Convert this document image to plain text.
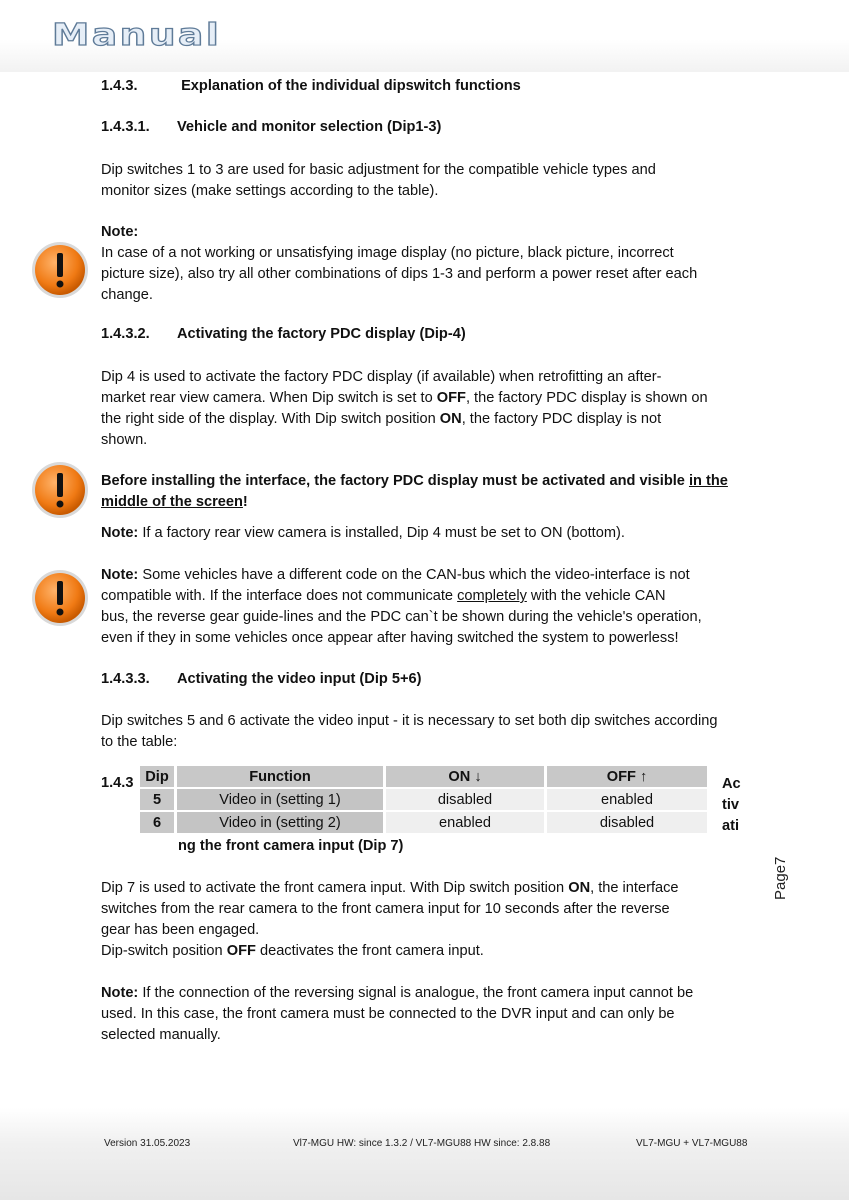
Manual
1.4.3.	Explanation of the individual dipswitch functions
1.4.3.1. Vehicle and monitor selection (Dip1-3)
Dip switches 1 to 3 are used for basic adjustment for the compatible vehicle types and
monitor sizes (make settings according to the table).
Note:
In case of a not working or unsatisfying image display (no picture, black picture, incorrect
picture size), also try all other combinations of dips 1-3 and perform a power reset after each
change.
1.4.3.2. Activating the factory PDC display (Dip-4)
Dip 4 is used to activate the factory PDC display (if available) when retrofitting an after-
market rear view camera. When Dip switch is set to OFF, the factory PDC display is shown on
the right side of the display. With Dip switch position ON, the factory PDC display is not
shown.
Before installing the interface, the factory PDC display must be activated and visible in the
middle of the screen!
Note: If a factory rear view camera is installed, Dip 4 must be set to ON (bottom).
Note: Some vehicles have a different code on the CAN-bus which the video-interface is not
compatible with. If the interface does not communicate completely with the vehicle CAN
bus, the reverse gear guide-lines and the PDC can`t be shown during the vehicle's operation,
even if they in some vehicles once appear after having switched the system to powerless!
1.4.3.3. Activating the video input (Dip 5+6)
Dip switches 5 and 6 activate the video input - it is necessary to set both dip switches according
to the table:
1.4.3 Dip	Function	ON ↓	OFF ↑
5	Video in (setting 1)	disabled	enabled
6	Video in (setting 2)	enabled	disabled
Ac
tiv
ati
ng the front camera input (Dip 7)
Dip 7 is used to activate the front camera input. With Dip switch position ON, the interface
switches from the rear camera to the front camera input for 10 seconds after the reverse
gear has been engaged.
Dip-switch position OFF deactivates the front camera input.
Note: If the connection of the reversing signal is analogue, the front camera input cannot be
used. In this case, the front camera must be connected to the DVR input and can only be
selected manually.
Page7
Version 31.05.2023	Vl7-MGU HW: since 1.3.2 / VL7-MGU88 HW since: 2.8.88	VL7-MGU + VL7-MGU88
